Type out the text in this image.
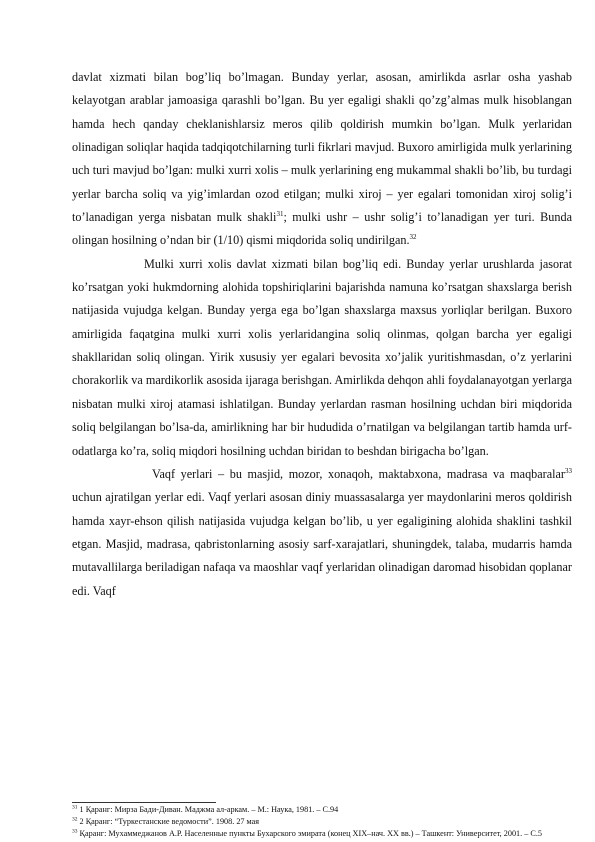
davlat xizmati bilan bog’liq bo’lmagan. Bunday yerlar, asosan, amirlikda asrlar osha yashab kelayotgan arablar jamoasiga qarashli bo’lgan. Bu yer egaligi shakli qo’zg’almas mulk hisoblangan hamda hech qanday cheklanishlarsiz meros qilib qoldirish mumkin bo’lgan. Mulk yerlaridan olinadigan soliqlar haqida tadqiqotchilarning turli fikrlari mavjud. Buxoro amirligida mulk yerlarining uch turi mavjud bo’lgan: mulki xurri xolis – mulk yerlarining eng mukammal shakli bo’lib, bu turdagi yerlar barcha soliq va yig’imlardan ozod etilgan; mulki xiroj – yer egalari tomonidan xiroj solig’i to’lanadigan yerga nisbatan mulk shakli$^{31}$; mulki ushr – ushr solig’i to’lanadigan yer turi. Bunda olingan hosilning o’ndan bir (1/10) qismi miqdorida soliq undirilgan.$^{32}$

Mulki xurri xolis davlat xizmati bilan bog’liq edi. Bunday yerlar urushlarda jasorat ko’rsatgan yoki hukmdorning alohida topshiriqlarini bajarishda namuna ko’rsatgan shaxslarga berish natijasida vujudga kelgan. Bunday yerga ega bo’lgan shaxslarga maxsus yorliqlar berilgan. Buxoro amirligida faqatgina mulki xurri xolis yerlaridangina soliq olinmas, qolgan barcha yer egaligi shakllaridan soliq olingan. Yirik xususiy yer egalari bevosita xo’jalik yuritishmasdan, o’z yerlarini chorakorlik va mardikorlik asosida ijaraga berishgan. Amirlikda dehqon ahli foydalanayotgan yerlarga nisbatan mulki xiroj atamasi ishlatilgan. Bunday yerlardan rasman hosilning uchdan biri miqdorida soliq belgilangan bo’lsa-da, amirlikning har bir hududida o’rnatilgan va belgilangan tartib hamda urf-odatlarga ko’ra, soliq miqdori hosilning uchdan biridan to beshdan birigacha bo’lgan.

Vaqf yerlari – bu masjid, mozor, xonaqoh, maktabxona, madrasa va maqbaralar$^{33}$ uchun ajratilgan yerlar edi. Vaqf yerlari asosan diniy muassasalarga yer maydonlarini meros qoldirish hamda xayr-ehson qilish natijasida vujudga kelgan bo’lib, u yer egaligining alohida shaklini tashkil etgan. Masjid, madrasa, qabristonlarning asosiy sarf-xarajatlari, shuningdek, talaba, mudarris hamda mutavallilarga beriladigan nafaqa va maoshlar vaqf yerlaridan olinadigan daromad hisobidan qoplanar edi. Vaqf

$^{31}$ 1 Қаранг: Мирза Бади-Диван. Маджма ал-аркам. – М.: Наука, 1981. – С.94

$^{32}$ 2 Қаранг: “Туркестанские ведомости”. 1908. 27 мая

$^{33}$ Қаранг: Мухаммеджанов А.Р. Населенные пункты Бухарского эмирата (конец XIX–нач. XX вв.) – Ташкент: Университет, 2001. – С.5
